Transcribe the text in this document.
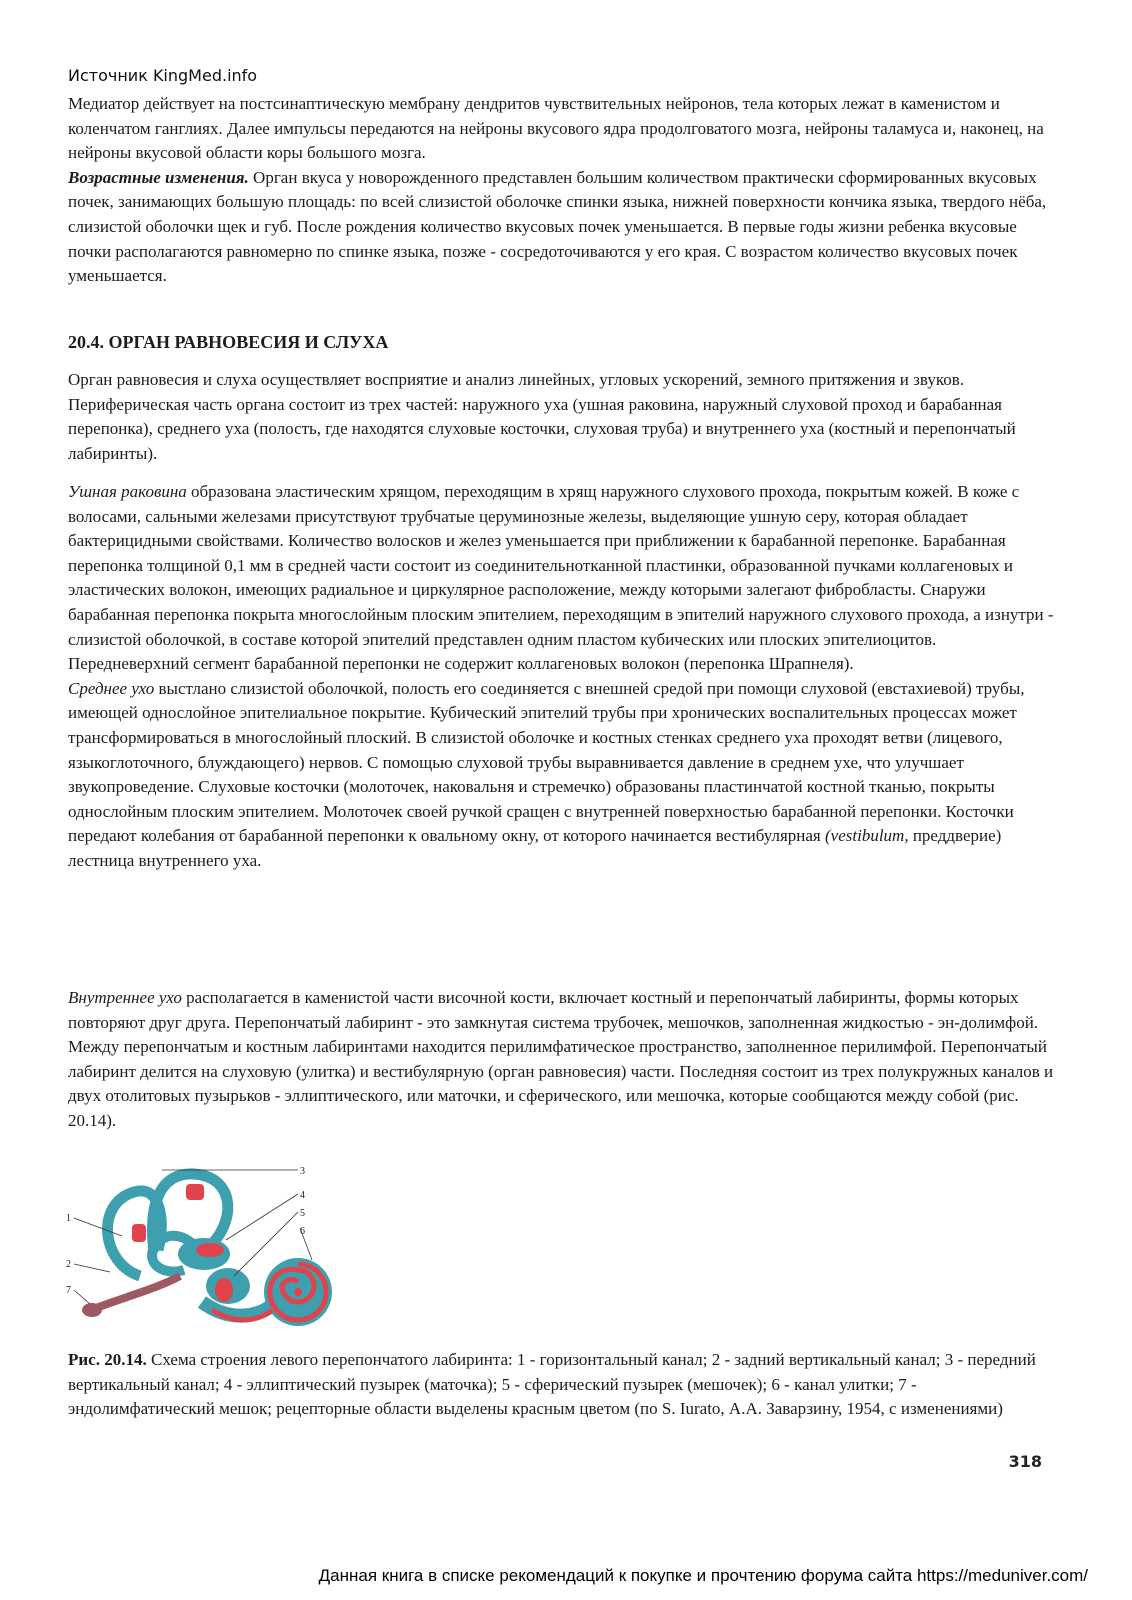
Источник KingMed.info

Медиатор действует на постсинаптическую мембрану дендритов чувствительных нейронов, тела которых лежат в каменистом и коленчатом ганглиях. Далее импульсы передаются на нейроны вкусового ядра продолговатого мозга, нейроны таламуса и, наконец, на нейроны вкусовой области коры большого мозга.
Возрастные изменения. Орган вкуса у новорожденного представлен большим количеством практически сформированных вкусовых почек, занимающих большую площадь: по всей слизистой оболочке спинки языка, нижней поверхности кончика языка, твердого нёба, слизистой оболочки щек и губ. После рождения количество вкусовых почек уменьшается. В первые годы жизни ребенка вкусовые почки располагаются равномерно по спинке языка, позже - сосредоточиваются у его края. С возрастом количество вкусовых почек уменьшается.

20.4. ОРГАН РАВНОВЕСИЯ И СЛУХА

Орган равновесия и слуха осуществляет восприятие и анализ линейных, угловых ускорений, земного притяжения и звуков. Периферическая часть органа состоит из трех частей: наружного уха (ушная раковина, наружный слуховой проход и барабанная перепонка), среднего уха (полость, где находятся слуховые косточки, слуховая труба) и внутреннего уха (костный и перепончатый лабиринты).

Ушная раковина образована эластическим хрящом, переходящим в хрящ наружного слухового прохода, покрытым кожей. В коже с волосами, сальными железами присутствуют трубчатые церуминозные железы, выделяющие ушную серу, которая обладает бактерицидными свойствами. Количество волосков и желез уменьшается при приближении к барабанной перепонке. Барабанная перепонка толщиной 0,1 мм в средней части состоит из соединительнотканной пластинки, образованной пучками коллагеновых и эластических волокон, имеющих радиальное и циркулярное расположение, между которыми залегают фибробласты. Снаружи барабанная перепонка покрыта многослойным плоским эпителием, переходящим в эпителий наружного слухового прохода, а изнутри - слизистой оболочкой, в составе которой эпителий представлен одним пластом кубических или плоских эпителиоцитов. Передневерхний сегмент барабанной перепонки не содержит коллагеновых волокон (перепонка Шрапнеля).
Среднее ухо выстлано слизистой оболочкой, полость его соединяется с внешней средой при помощи слуховой (евстахиевой) трубы, имеющей однослойное эпителиальное покрытие. Кубический эпителий трубы при хронических воспалительных процессах может трансформироваться в многослойный плоский. В слизистой оболочке и костных стенках среднего уха проходят ветви (лицевого, языкоглоточного, блуждающего) нервов. С помощью слуховой трубы выравнивается давление в среднем ухе, что улучшает звукопроведение. Слуховые косточки (молоточек, наковальня и стремечко) образованы пластинчатой костной тканью, покрыты однослойным плоским эпителием. Молоточек своей ручкой сращен с внутренней поверхностью барабанной перепонки. Косточки передают колебания от барабанной перепонки к овальному окну, от которого начинается вестибулярная (vestibulum, преддверие) лестница внутреннего уха.

Внутреннее ухо располагается в каменистой части височной кости, включает костный и перепончатый лабиринты, формы которых повторяют друг друга. Перепончатый лабиринт - это замкнутая система трубочек, мешочков, заполненная жидкостью - эн-долимфой. Между перепончатым и костным лабиринтами находится перилимфатическое пространство, заполненное перилимфой. Перепончатый лабиринт делится на слуховую (улитка) и вестибулярную (орган равновесия) части. Последняя состоит из трех полукружных каналов и двух отолитовых пузырьков - эллиптического, или маточки, и сферического, или мешочка, которые сообщаются между собой (рис. 20.14).

1
2
3
4
5
6
7

Рис. 20.14. Схема строения левого перепончатого лабиринта: 1 - горизонтальный канал; 2 - задний вертикальный канал; 3 - передний вертикальный канал; 4 - эллиптический пузырек (маточка); 5 - сферический пузырек (мешочек); 6 - канал улитки; 7 - эндолимфатический мешок; рецепторные области выделены красным цветом (по S. Iurato, А.А. Заварзину, 1954, с изменениями)

318
Данная книга в списке рекомендаций к покупке и прочтению форума сайта https://meduniver.com/
